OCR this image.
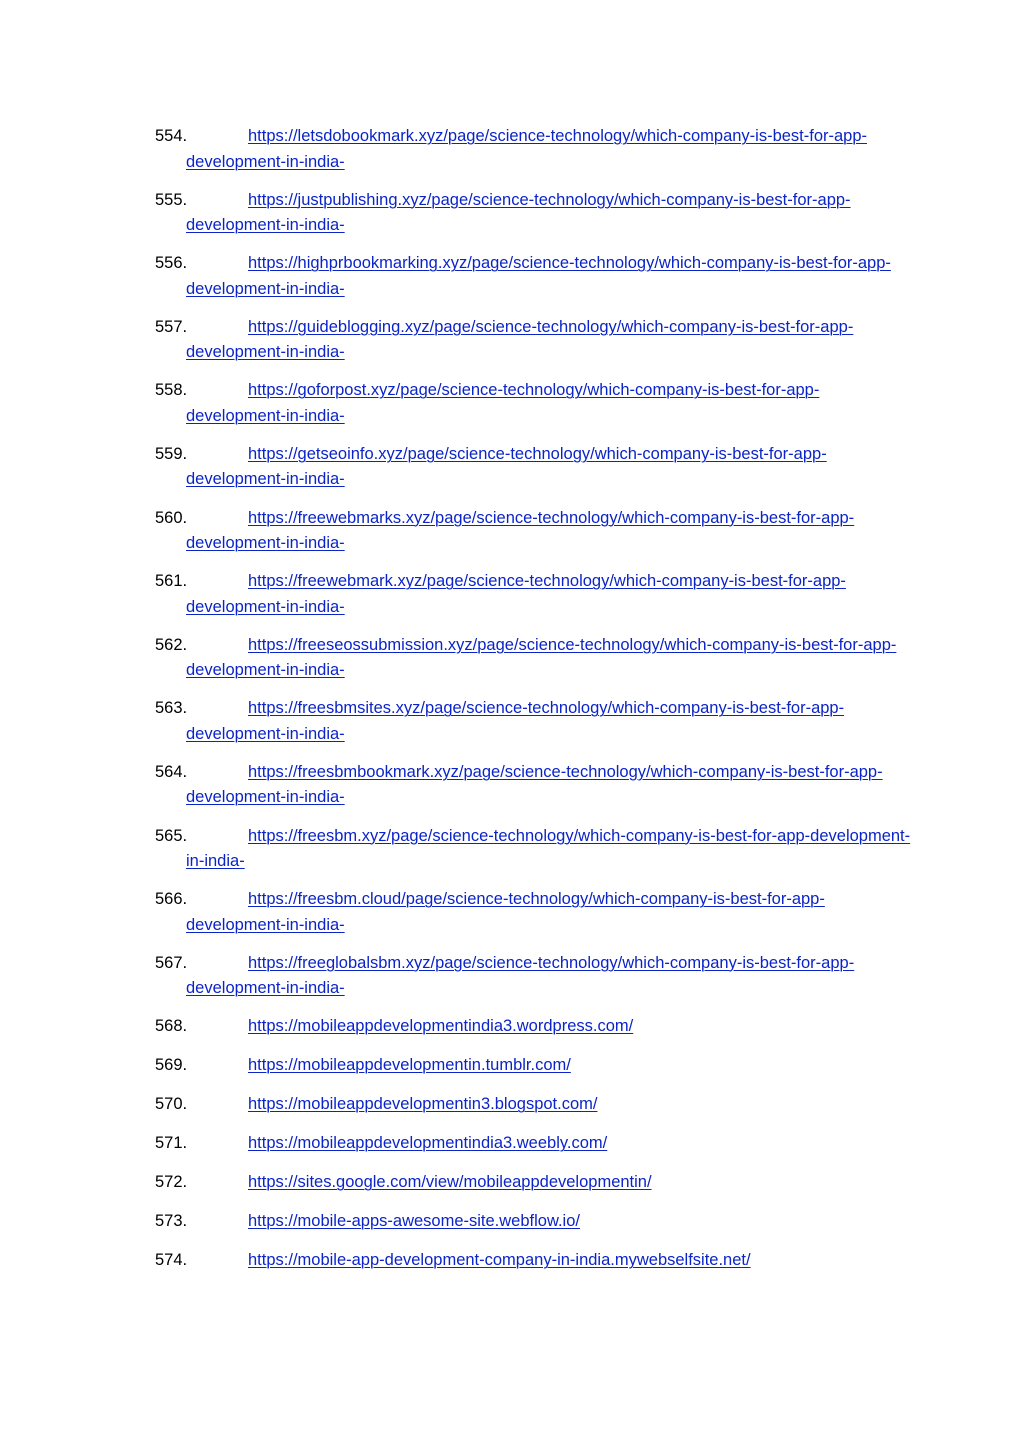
554.	https://letsdobookmark.xyz/page/science-technology/which-company-is-best-for-app-development-in-india-
555.	https://justpublishing.xyz/page/science-technology/which-company-is-best-for-app-development-in-india-
556.	https://highprbookmarking.xyz/page/science-technology/which-company-is-best-for-app-development-in-india-
557.	https://guideblogging.xyz/page/science-technology/which-company-is-best-for-app-development-in-india-
558.	https://goforpost.xyz/page/science-technology/which-company-is-best-for-app-development-in-india-
559.	https://getseoinfo.xyz/page/science-technology/which-company-is-best-for-app-development-in-india-
560.	https://freewebmarks.xyz/page/science-technology/which-company-is-best-for-app-development-in-india-
561.	https://freewebmark.xyz/page/science-technology/which-company-is-best-for-app-development-in-india-
562.	https://freeseossubmission.xyz/page/science-technology/which-company-is-best-for-app-development-in-india-
563.	https://freesbmsites.xyz/page/science-technology/which-company-is-best-for-app-development-in-india-
564.	https://freesbmbookmark.xyz/page/science-technology/which-company-is-best-for-app-development-in-india-
565.	https://freesbm.xyz/page/science-technology/which-company-is-best-for-app-development-in-india-
566.	https://freesbm.cloud/page/science-technology/which-company-is-best-for-app-development-in-india-
567.	https://freeglobalsbm.xyz/page/science-technology/which-company-is-best-for-app-development-in-india-
568.	https://mobileappdevelopmentindia3.wordpress.com/
569.	https://mobileappdevelopmentin.tumblr.com/
570.	https://mobileappdevelopmentin3.blogspot.com/
571.	https://mobileappdevelopmentindia3.weebly.com/
572.	https://sites.google.com/view/mobileappdevelopmentin/
573.	https://mobile-apps-awesome-site.webflow.io/
574.	https://mobile-app-development-company-in-india.mywebselfsite.net/
